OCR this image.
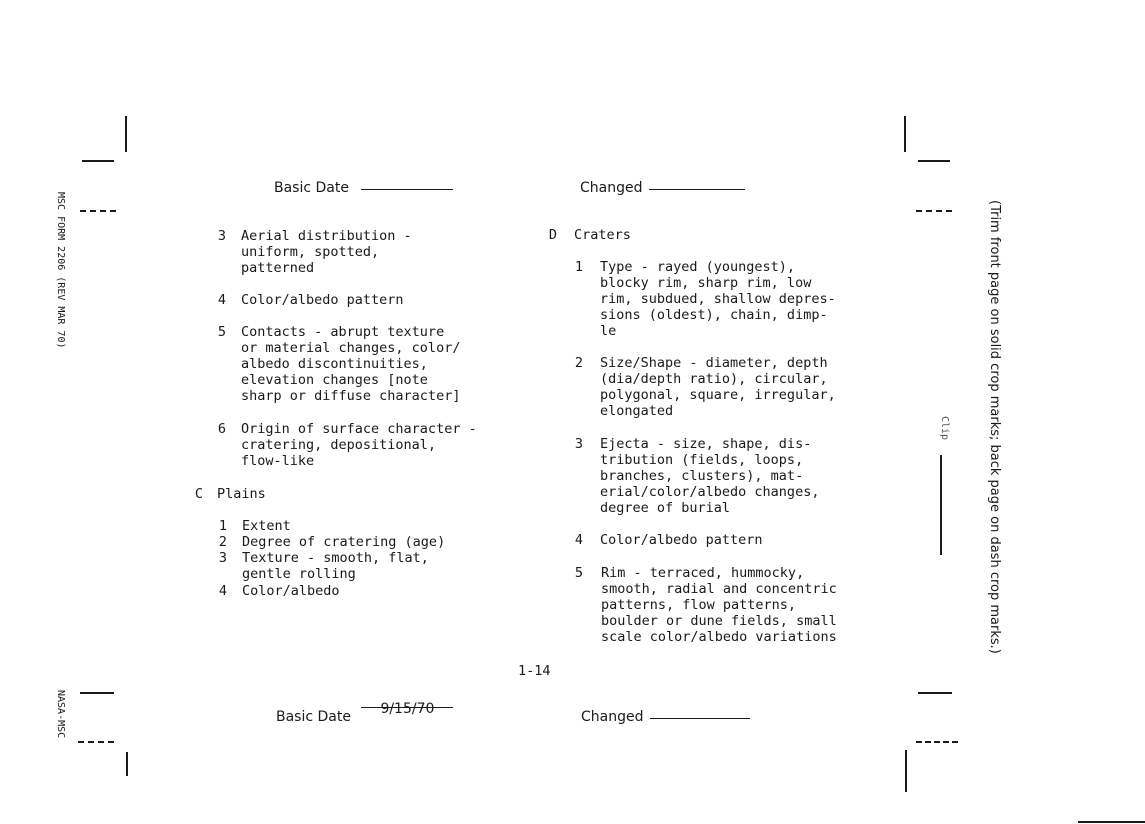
MSC FORM 2206 (REV MAR 70)
NASA-MSC
(Trim front page on solid crop marks; back page on dash crop marks.)
Clip
Basic Date	Changed
3 Aerial distribution -
uniform, spotted,
patterned
4 Color/albedo pattern
5 Contacts - abrupt texture
or material changes, color/
albedo discontinuities,
elevation changes [note
sharp or diffuse character]
6 Origin of surface character -
cratering, depositional,
flow-like
C Plains
1 Extent
2 Degree of cratering (age)
3 Texture - smooth, flat,
gentle rolling
4 Color/albedo
D Craters
1 Type - rayed (youngest),
blocky rim, sharp rim, low
rim, subdued, shallow depres-
sions (oldest), chain, dimp-
le
2 Size/Shape - diameter, depth
(dia/depth ratio), circular,
polygonal, square, irregular,
elongated
3 Ejecta - size, shape, dis-
tribution (fields, loops,
branches, clusters), mat-
erial/color/albedo changes,
degree of burial
4 Color/albedo pattern
5 Rim - terraced, hummocky,
smooth, radial and concentric
patterns, flow patterns,
boulder or dune fields, small
scale color/albedo variations
1-14
Basic Date 9/15/70	Changed
